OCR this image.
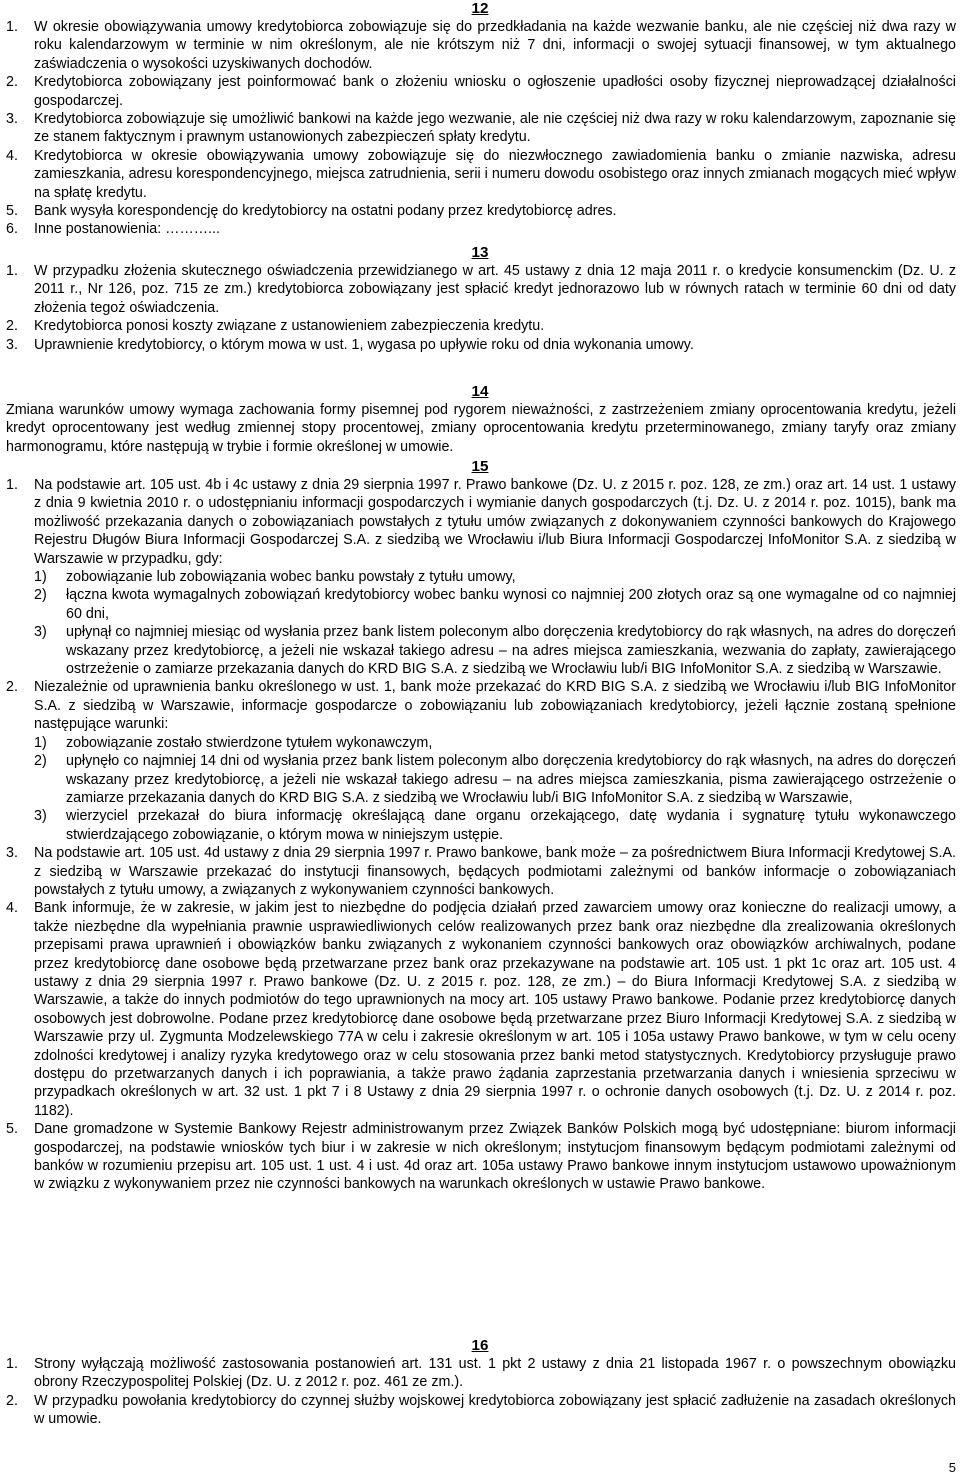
12

1. W okresie obowiązywania umowy kredytobiorca zobowiązuje się do przedkładania na każde wezwanie banku, ale nie częściej niż dwa razy w roku kalendarzowym w terminie w nim określonym, ale nie krótszym niż 7 dni, informacji o swojej sytuacji finansowej, w tym aktualnego zaświadczenia o wysokości uzyskiwanych dochodów.

2. Kredytobiorca zobowiązany jest poinformować bank o złożeniu wniosku o ogłoszenie upadłości osoby fizycznej nieprowadzącej działalności gospodarczej.

3. Kredytobiorca zobowiązuje się umożliwić bankowi na każde jego wezwanie, ale nie częściej niż dwa razy w roku kalendarzowym, zapoznanie się ze stanem faktycznym i prawnym ustanowionych zabezpieczeń spłaty kredytu.

4. Kredytobiorca w okresie obowiązywania umowy zobowiązuje się do niezwłocznego zawiadomienia banku o zmianie nazwiska, adresu zamieszkania, adresu korespondencyjnego, miejsca zatrudnienia, serii i numeru dowodu osobistego oraz innych zmianach mogących mieć wpływ na spłatę kredytu.

5. Bank wysyła korespondencję do kredytobiorcy na ostatni podany przez kredytobiorcę adres.

6. Inne postanowienia: ………...

13

1. W przypadku złożenia skutecznego oświadczenia przewidzianego w art. 45 ustawy z dnia 12 maja 2011 r. o kredycie konsumenckim (Dz. U. z 2011 r., Nr 126, poz. 715 ze zm.) kredytobiorca zobowiązany jest spłacić kredyt jednorazowo lub w równych ratach w terminie 60 dni od daty złożenia tegoż oświadczenia.

2. Kredytobiorca ponosi koszty związane z ustanowieniem zabezpieczenia kredytu.

3. Uprawnienie kredytobiorcy, o którym mowa w ust. 1, wygasa po upływie roku od dnia wykonania umowy.

14

Zmiana warunków umowy wymaga zachowania formy pisemnej pod rygorem nieważności, z zastrzeżeniem zmiany oprocentowania kredytu, jeżeli kredyt oprocentowany jest według zmiennej stopy procentowej, zmiany oprocentowania kredytu przeterminowanego, zmiany taryfy oraz zmiany harmonogramu, które następują w trybie i formie określonej w umowie.

15

1. Na podstawie art. 105 ust. 4b i 4c ustawy z dnia 29 sierpnia 1997 r. Prawo bankowe (Dz. U. z 2015 r. poz. 128, ze zm.) oraz art. 14 ust. 1 ustawy z dnia 9 kwietnia 2010 r. o udostępnianiu informacji gospodarczych i wymianie danych gospodarczych (t.j. Dz. U. z 2014 r. poz. 1015), bank ma możliwość przekazania danych o zobowiązaniach powstałych z tytułu umów związanych z dokonywaniem czynności bankowych do Krajowego Rejestru Długów Biura Informacji Gospodarczej S.A. z siedzibą we Wrocławiu i/lub Biura Informacji Gospodarczej InfoMonitor S.A. z siedzibą w Warszawie w przypadku, gdy:

1) zobowiązanie lub zobowiązania wobec banku powstały z tytułu umowy,

2) łączna kwota wymagalnych zobowiązań kredytobiorcy wobec banku wynosi co najmniej 200 złotych oraz są one wymagalne od co najmniej 60 dni,

3) upłynął co najmniej miesiąc od wysłania przez bank listem poleconym albo doręczenia kredytobiorcy do rąk własnych, na adres do doręczeń wskazany przez kredytobiorcę, a jeżeli nie wskazał takiego adresu – na adres miejsca zamieszkania, wezwania do zapłaty, zawierającego ostrzeżenie o zamiarze przekazania danych do KRD BIG S.A. z siedzibą we Wrocławiu lub/i BIG InfoMonitor S.A. z siedzibą w Warszawie.

2. Niezależnie od uprawnienia banku określonego w ust. 1, bank może przekazać do KRD BIG S.A. z siedzibą we Wrocławiu i/lub BIG InfoMonitor S.A. z siedzibą w Warszawie, informacje gospodarcze o zobowiązaniu lub zobowiązaniach kredytobiorcy, jeżeli łącznie zostaną spełnione następujące warunki:

1) zobowiązanie zostało stwierdzone tytułem wykonawczym,

2) upłynęło co najmniej 14 dni od wysłania przez bank listem poleconym albo doręczenia kredytobiorcy do rąk własnych, na adres do doręczeń wskazany przez kredytobiorcę, a jeżeli nie wskazał takiego adresu – na adres miejsca zamieszkania, pisma zawierającego ostrzeżenie o zamiarze przekazania danych do KRD BIG S.A. z siedzibą we Wrocławiu lub/i BIG InfoMonitor S.A. z siedzibą w Warszawie,

3) wierzyciel przekazał do biura informację określającą dane organu orzekającego, datę wydania i sygnaturę tytułu wykonawczego stwierdzającego zobowiązanie, o którym mowa w niniejszym ustępie.

3. Na podstawie art. 105 ust. 4d ustawy z dnia 29 sierpnia 1997 r. Prawo bankowe, bank może – za pośrednictwem Biura Informacji Kredytowej S.A. z siedzibą w Warszawie przekazać do instytucji finansowych, będących podmiotami zależnymi od banków informacje o zobowiązaniach powstałych z tytułu umowy, a związanych z wykonywaniem czynności bankowych.

4. Bank informuje, że w zakresie, w jakim jest to niezbędne do podjęcia działań przed zawarciem umowy oraz konieczne do realizacji umowy, a także niezbędne dla wypełniania prawnie usprawiedliwionych celów realizowanych przez bank oraz niezbędne dla zrealizowania określonych przepisami prawa uprawnień i obowiązków banku związanych z wykonaniem czynności bankowych oraz obowiązków archiwalnych, podane przez kredytobiorcę dane osobowe będą przetwarzane przez bank oraz przekazywane na podstawie art. 105 ust. 1 pkt 1c oraz art. 105 ust. 4 ustawy z dnia 29 sierpnia 1997 r. Prawo bankowe (Dz. U. z 2015 r. poz. 128, ze zm.) – do Biura Informacji Kredytowej S.A. z siedzibą w Warszawie, a także do innych podmiotów do tego uprawnionych na mocy art. 105 ustawy Prawo bankowe. Podanie przez kredytobiorcę danych osobowych jest dobrowolne. Podane przez kredytobiorcę dane osobowe będą przetwarzane przez Biuro Informacji Kredytowej S.A. z siedzibą w Warszawie przy ul. Zygmunta Modzelewskiego 77A w celu i zakresie określonym w art. 105 i 105a ustawy Prawo bankowe, w tym w celu oceny zdolności kredytowej i analizy ryzyka kredytowego oraz w celu stosowania przez banki metod statystycznych. Kredytobiorcy przysługuje prawo dostępu do przetwarzanych danych i ich poprawiania, a także prawo żądania zaprzestania przetwarzania danych i wniesienia sprzeciwu w przypadkach określonych w art. 32 ust. 1 pkt 7 i 8 Ustawy z dnia 29 sierpnia 1997 r. o ochronie danych osobowych (t.j. Dz. U. z 2014 r. poz. 1182).

5. Dane gromadzone w Systemie Bankowy Rejestr administrowanym przez Związek Banków Polskich mogą być udostępniane: biurom informacji gospodarczej, na podstawie wniosków tych biur i w zakresie w nich określonym; instytucjom finansowym będącym podmiotami zależnymi od banków w rozumieniu przepisu art. 105 ust. 1 ust. 4 i ust. 4d oraz art. 105a ustawy Prawo bankowe innym instytucjom ustawowo upoważnionym w związku z wykonywaniem przez nie czynności bankowych na warunkach określonych w ustawie Prawo bankowe.

16

1. Strony wyłączają możliwość zastosowania postanowień art. 131 ust. 1 pkt 2 ustawy z dnia 21 listopada 1967 r. o powszechnym obowiązku obrony Rzeczypospolitej Polskiej (Dz. U. z 2012 r. poz. 461 ze zm.).

2. W przypadku powołania kredytobiorcy do czynnej służby wojskowej kredytobiorca zobowiązany jest spłacić zadłużenie na zasadach określonych w umowie.

5
